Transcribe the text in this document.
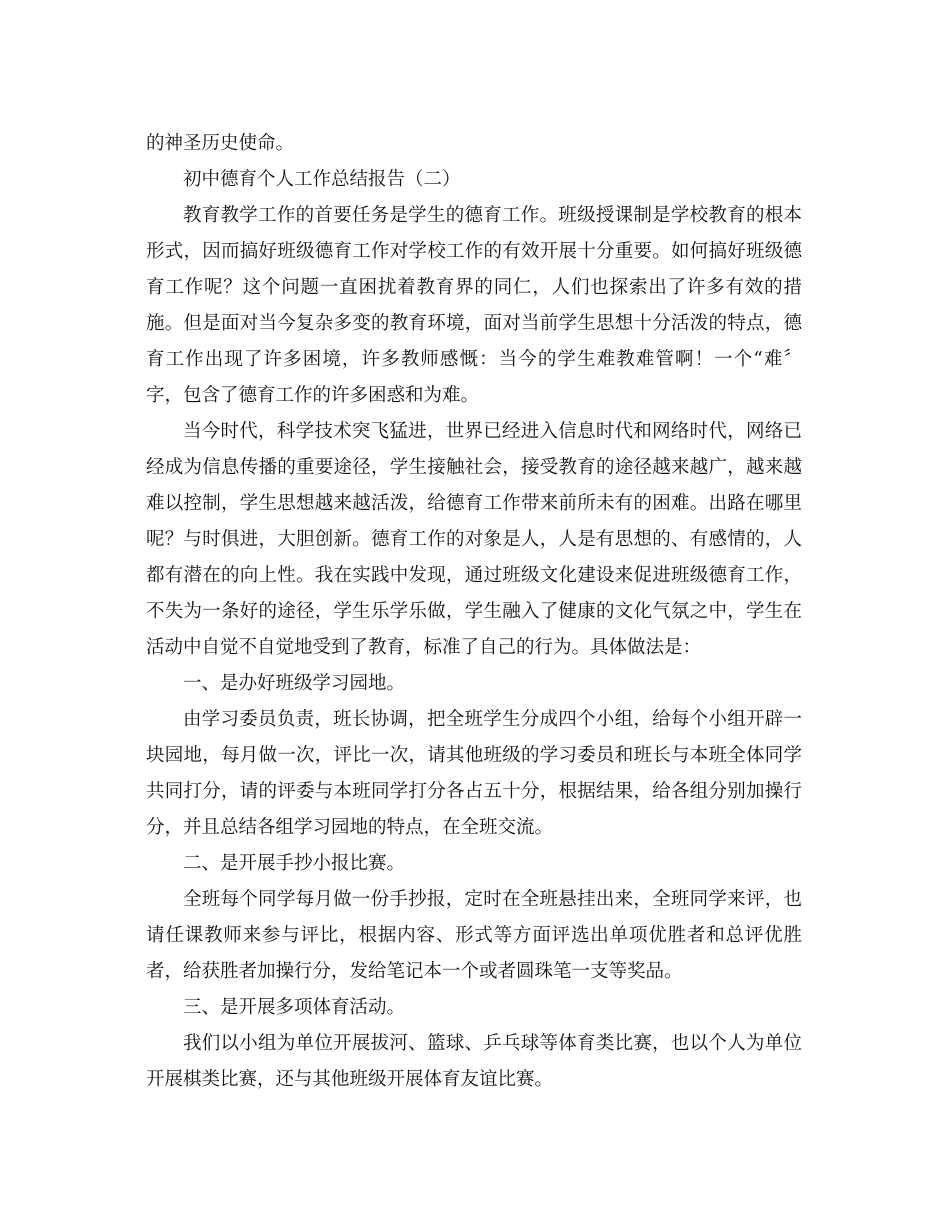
的神圣历史使命。
初中德育个人工作总结报告（二）
教育教学工作的首要任务是学生的德育工作。班级授课制是学校教育的根本
形式，因而搞好班级德育工作对学校工作的有效开展十分重要。如何搞好班级德
育工作呢？这个问题一直困扰着教育界的同仁，人们也探索出了许多有效的措
施。但是面对当今复杂多变的教育环境，面对当前学生思想十分活泼的特点，德
育工作出现了许多困境，许多教师感慨：当今的学生难教难管啊！一个“难〞
字，包含了德育工作的许多困惑和为难。
当今时代，科学技术突飞猛进，世界已经进入信息时代和网络时代，网络已
经成为信息传播的重要途径，学生接触社会，接受教育的途径越来越广，越来越
难以控制，学生思想越来越活泼，给德育工作带来前所未有的困难。出路在哪里
呢？与时俱进，大胆创新。德育工作的对象是人，人是有思想的、有感情的，人
都有潜在的向上性。我在实践中发现，通过班级文化建设来促进班级德育工作，
不失为一条好的途径，学生乐学乐做，学生融入了健康的文化气氛之中，学生在
活动中自觉不自觉地受到了教育，标准了自己的行为。具体做法是：
一、是办好班级学习园地。
由学习委员负责，班长协调，把全班学生分成四个小组，给每个小组开辟一
块园地，每月做一次，评比一次，请其他班级的学习委员和班长与本班全体同学
共同打分，请的评委与本班同学打分各占五十分，根据结果，给各组分别加操行
分，并且总结各组学习园地的特点，在全班交流。
二、是开展手抄小报比赛。
全班每个同学每月做一份手抄报，定时在全班悬挂出来，全班同学来评，也
请任课教师来参与评比，根据内容、形式等方面评选出单项优胜者和总评优胜
者，给获胜者加操行分，发给笔记本一个或者圆珠笔一支等奖品。
三、是开展多项体育活动。
我们以小组为单位开展拔河、篮球、乒乓球等体育类比赛，也以个人为单位
开展棋类比赛，还与其他班级开展体育友谊比赛。
